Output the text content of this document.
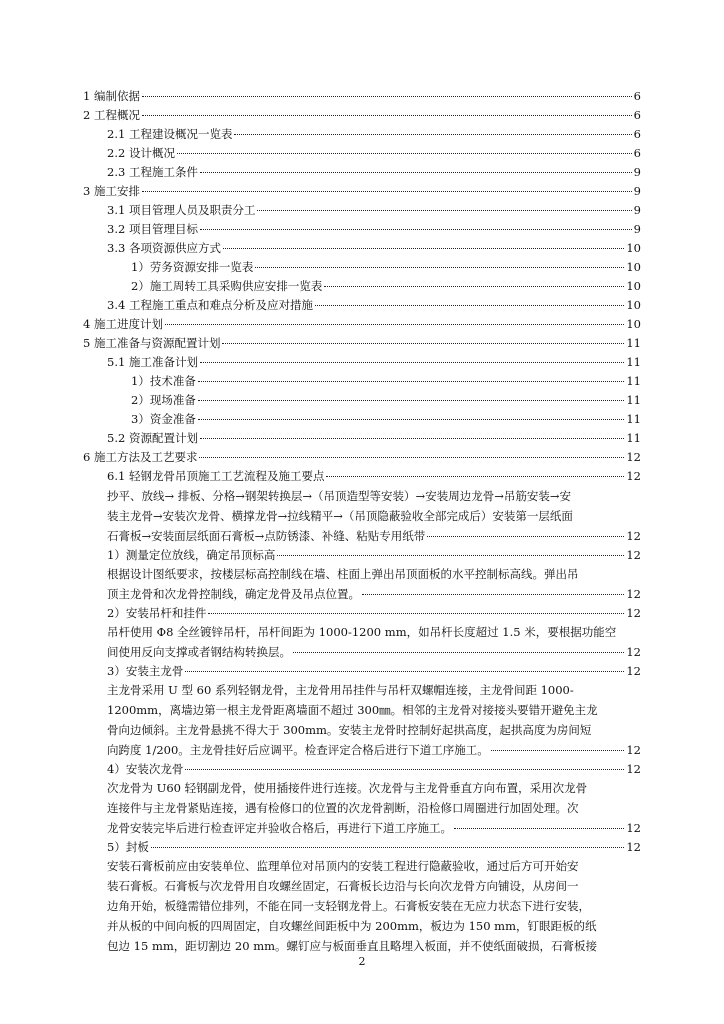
1 编制依据	6
2 工程概况	6
2.1 工程建设概况一览表	6
2.2 设计概况	6
2.3 工程施工条件	9
3 施工安排	9
3.1 项目管理人员及职责分工	9
3.2 项目管理目标	9
3.3 各项资源供应方式	10
1）劳务资源安排一览表	10
2）施工周转工具采购供应安排一览表	10
3.4 工程施工重点和难点分析及应对措施	10
4 施工进度计划	10
5 施工准备与资源配置计划	11
5.1 施工准备计划	11
1）技术准备	11
2）现场准备	11
3）资金准备	11
5.2 资源配置计划	11
6 施工方法及工艺要求	12
6.1 轻钢龙骨吊顶施工工艺流程及施工要点	12
抄平、放线→ 排板、分格→钢架转换层→（吊顶造型等安装）→安装周边龙骨→吊筋安装→安
装主龙骨→安装次龙骨、横撑龙骨→拉线精平→（吊顶隐蔽验收全部完成后）安装第一层纸面
石膏板→安装面层纸面石膏板→点防锈漆、补缝、粘贴专用纸带	12
1）测量定位放线，确定吊顶标高	12
根据设计图纸要求，按楼层标高控制线在墙、柱面上弹出吊顶面板的水平控制标高线。弹出吊
顶主龙骨和次龙骨控制线，确定龙骨及吊点位置。	12
2）安装吊杆和挂件	12
吊杆使用 Φ8 全丝镀锌吊杆，吊杆间距为 1000-1200 mm，如吊杆长度超过 1.5 米，要根据功能空
间使用反向支撑或者钢结构转换层。	12
3）安装主龙骨	12
主龙骨采用 U 型 60 系列轻钢龙骨，主龙骨用吊挂件与吊杆双螺帽连接，主龙骨间距 1000-
1200mm，离墙边第一根主龙骨距离墙面不超过 300㎜。相邻的主龙骨对接接头要错开避免主龙
骨向边倾斜。主龙骨悬挑不得大于 300mm。安装主龙骨时控制好起拱高度，起拱高度为房间短
向跨度 1/200。主龙骨挂好后应调平。检查评定合格后进行下道工序施工。	12
4）安装次龙骨	12
次龙骨为 U60 轻钢副龙骨，使用插接件进行连接。次龙骨与主龙骨垂直方向布置，采用次龙骨
连接件与主龙骨紧贴连接，遇有检修口的位置的次龙骨割断，沿检修口周圈进行加固处理。次
龙骨安装完毕后进行检查评定并验收合格后，再进行下道工序施工。	12
5）封板	12
安装石膏板前应由安装单位、监理单位对吊顶内的安装工程进行隐蔽验收，通过后方可开始安
装石膏板。石膏板与次龙骨用自攻螺丝固定，石膏板长边沿与长向次龙骨方向铺设，从房间一
边角开始，板缝需错位排列，不能在同一支轻钢龙骨上。石膏板安装在无应力状态下进行安装，
并从板的中间向板的四周固定，自攻螺丝间距板中为 200mm，板边为 150 mm，钉眼距板的纸
包边 15 mm，距切割边 20 mm。螺钉应与板面垂直且略埋入板面，并不使纸面破损，石膏板接
2
